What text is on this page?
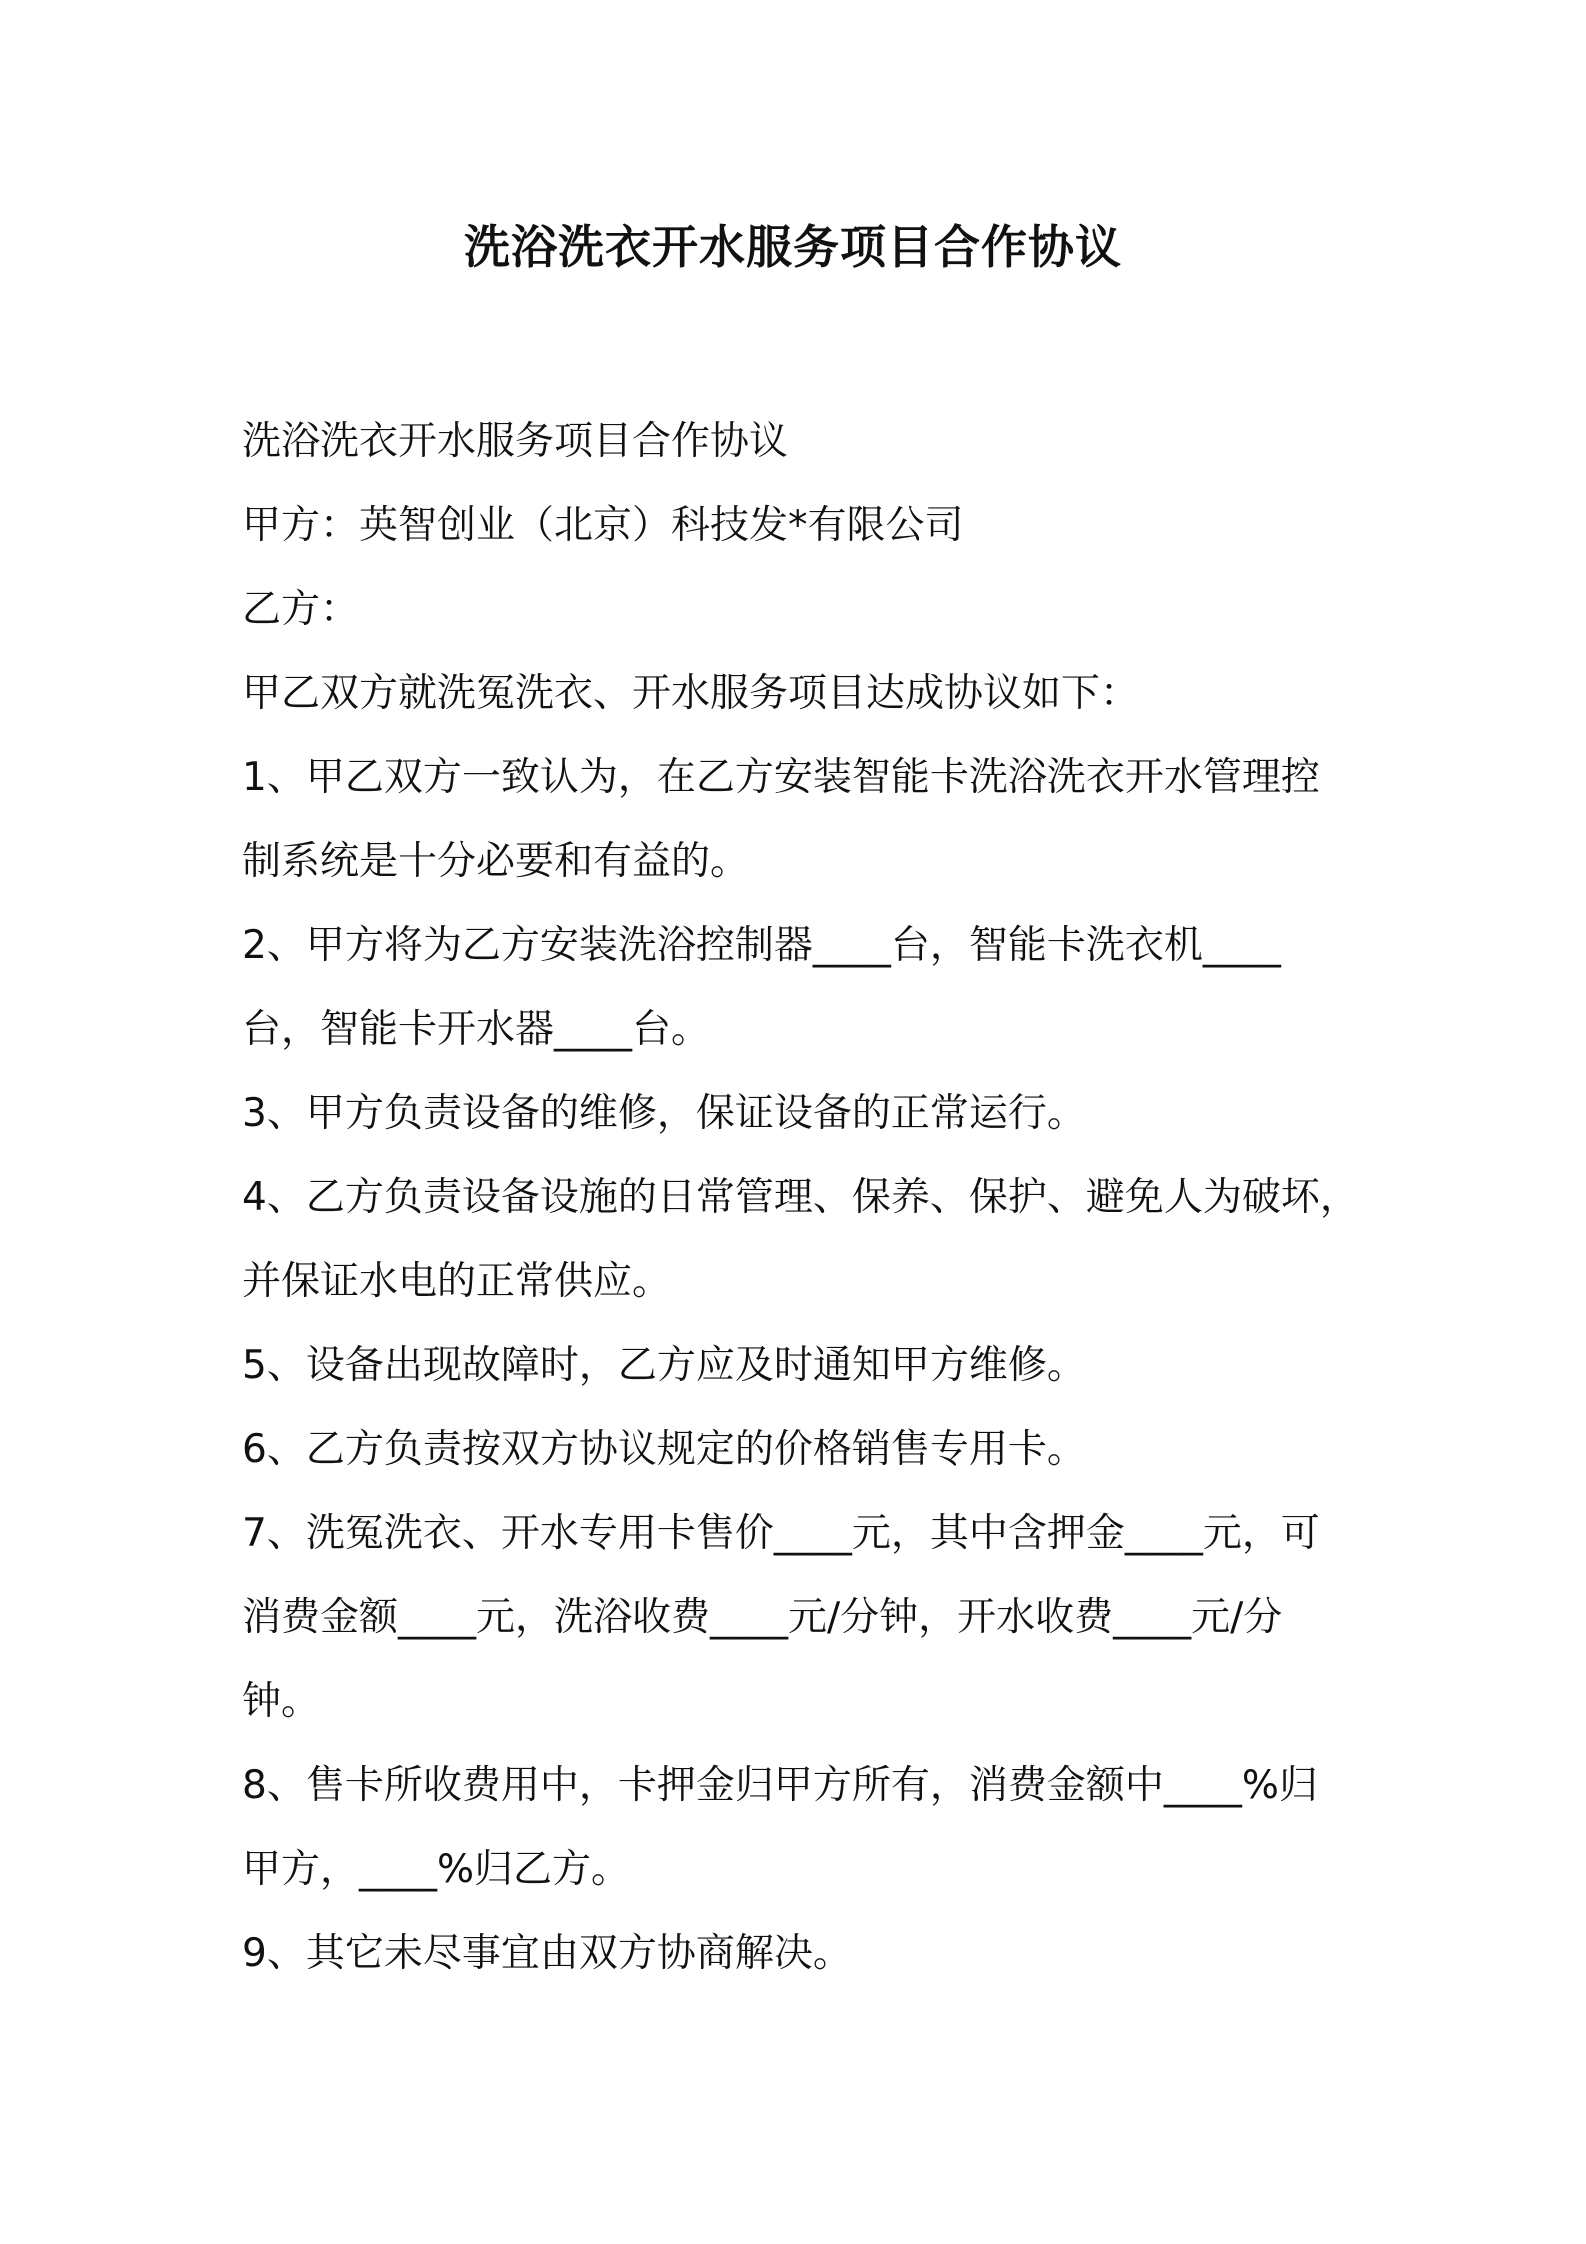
洗浴洗衣开水服务项目合作协议
洗浴洗衣开水服务项目合作协议
甲方：英智创业（北京）科技发*有限公司
乙方：
甲乙双方就洗冤洗衣、开水服务项目达成协议如下：
1、甲乙双方一致认为，在乙方安装智能卡洗浴洗衣开水管理控
制系统是十分必要和有益的。
2、甲方将为乙方安装洗浴控制器____台，智能卡洗衣机____
台，智能卡开水器____台。
3、甲方负责设备的维修，保证设备的正常运行。
4、乙方负责设备设施的日常管理、保养、保护、避免人为破坏，
并保证水电的正常供应。
5、设备出现故障时，乙方应及时通知甲方维修。
6、乙方负责按双方协议规定的价格销售专用卡。
7、洗冤洗衣、开水专用卡售价____元，其中含押金____元，可
消费金额____元，洗浴收费____元/分钟，开水收费____元/分
钟。
8、售卡所收费用中，卡押金归甲方所有，消费金额中____%归
甲方，____%归乙方。
9、其它未尽事宜由双方协商解决。
